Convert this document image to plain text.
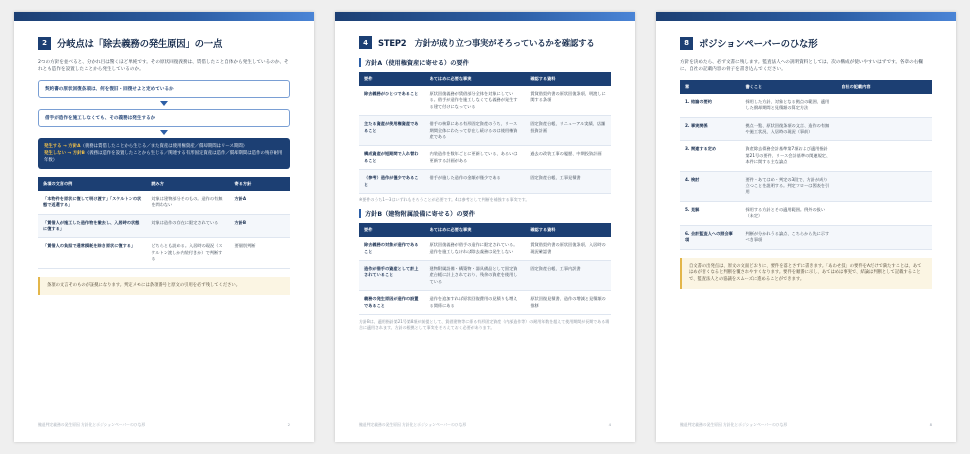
2	分岐点は「除去義務の発生原因」の一点

2つの方針を並べると、分かれ目は驚くほど単純です。その原状回復義務は、賃借したこと自体から発生しているのか、それとも造作を設置したことから発生しているのか。

契約書の原状回復条項は、何を復旧・回復せよと定めているか
借手が造作を施工しなくても、その義務は発生するか
発生する → 方針A（義務は賃借したことから生じる／また資産は使用権資産／償却期間はリース期間）
発生しない → 方針B（義務は造作を設置したことから生じる／関連する有形固定資産は造作／償却期間は造作の残存耐用年数）
条項の文言の例	読み方	寄る方針
「本物件を原状に復して明け渡す」「スケルトンの状態で返還する」	対象は建物部分そのもの。造作の有無を問わない	方針A
「賃借人が施工した造作物を撤去し、入居時の状態に復する」	対象は造作の存在に限定されている	方針B
「賃借人の負担で通常損耗を除き原状に復する」	どちらとも読める。入居時の現況（スケルトン渡しか内装付きか）で判断する	要個別判断
条項の文言そのものが証拠になります。判定メモには条項番号と原文の引用を必ず残してください。
撤退判定義務の発生原因 方針化とポジションペーパーのひな形	2
4	STEP2　方針が成り立つ事実がそろっているかを確認する
方針A（使用権資産に寄せる）の要件
要件	あてはめに必要な事実	確認する資料
除去義務がひとつであること	原状回復義務が賃借部分全体を対象にしている。借手が造作を施工しなくても義務が発生する建て付けになっている	賃貸借契約書の原状回復条項、明渡しに関する条項
主たる資産が使用権資産であること	借手の核算にある有形固定資産のうち、リース期間全体にわたって存在し続けるのは使用権資産である	固定資産台帳、リニューアル実績、店舗投資計画
構成資産が短期間で入れ替わること	内装造作を数年ごとに更新している、あるいは更新する計画がある	過去の改装工事の履歴、中期投資計画
（参考）造作が僅少であること	借手が施した造作の金額が僅少である	固定資産台帳、工事見積書

※要件のうち1～3はいずれもそろうことが必要です。4は参考として判断を補強する事実です。

方針B（建物附属設備に寄せる）の要件
要件	あてはめに必要な事実	確認する資料
除去義務の対象が造作であること	原状回復義務が借手の造作に限定されている。造作を施工しなければ除去義務は発生しない	賃貸借契約書の原状回復条項、入居時の現況確認書
造作が借手の資産として計上されていること	建物附属設備・構築物・器具備品として固定資産台帳に計上されており、残余の資産を使用している	固定資産台帳、工事内訳書
義務の発生原因が造作の設置であること	造作を追加すれば原状回復費用の見積りも増える関係にある	原状回復見積書、造作の増減と見積額の推移

方針Bは、適用指針第21号第8項が前提として、賃借建物等に係る有形固定資産（内部造作等）の耐用年数を超えて使用期間が長期である場合に適用されます。方針の根拠として事実をそろえておく必要があります。

撤退判定義務の発生原因 方針化とポジションペーパーのひな形	4
8	ポジションペーパーのひな形

方針を決めたら、必ず文書に残します。監査法人への説明資料としては、次の構成が使いやすいはずです。各章の右欄に、自社の記載内容の骨子を書き込んでください。

章	書くこと	自社の記載内容
1. 結論の要約	採用した方針、対象となる拠点の範囲、適用した償却期間と見積額の算定方法	
2. 事実関係	拠点一覧、原状回復条項の文言、造作の有無や施工状況、入居時の現況（事前）	
3. 関連する定め	資産除去債務会計基準第7項および適用指針第21号の要件、リース会計基準の関連規定、本件に関する主な論点	
4. 検討	要件・あてはめ・判定の3段で、方針が成り立つことを説明する。判定フローは図表を引用	
5. 見解	採用する方針とその適用範囲。例外の扱い（未定）	
6. 会計監査人への照会事項	判断が分かれうる論点、こちらから先に示すべき事項	
自文書の出発点は、原文の文面どおりに、要件を落とさずに書きます。「あわせ技」の要件をAだけで満たすことは、あてはめが甘くなると判断を覆されやすくなります。要件を順番に示し、あてはめは事実で、結論は判断として記載することで、監査法人との協議をスムーズに進めることができます。
撤退判定義務の発生原因 方針化とポジションペーパーのひな形	8
